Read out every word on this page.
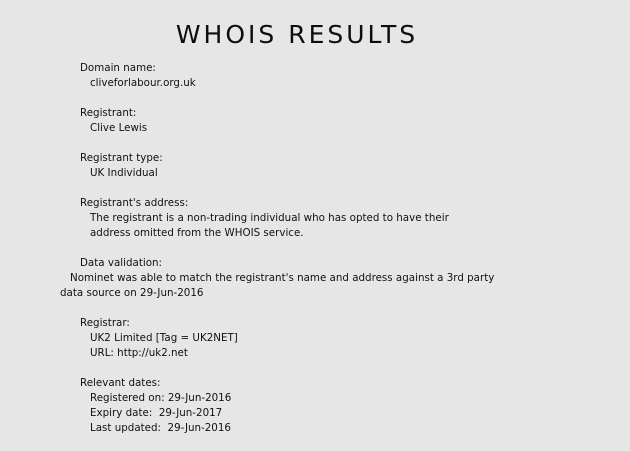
WHOIS RESULTS
Domain name:
cliveforlabour.org.uk
Registrant:
Clive Lewis
Registrant type:
UK Individual
Registrant's address:
The registrant is a non-trading individual who has opted to have their
address omitted from the WHOIS service.
Data validation:
Nominet was able to match the registrant's name and address against a 3rd party data source on 29-Jun-2016
Registrar:
UK2 Limited [Tag = UK2NET]
URL: http://uk2.net
Relevant dates:
Registered on: 29-Jun-2016
Expiry date:  29-Jun-2017
Last updated:  29-Jun-2016
